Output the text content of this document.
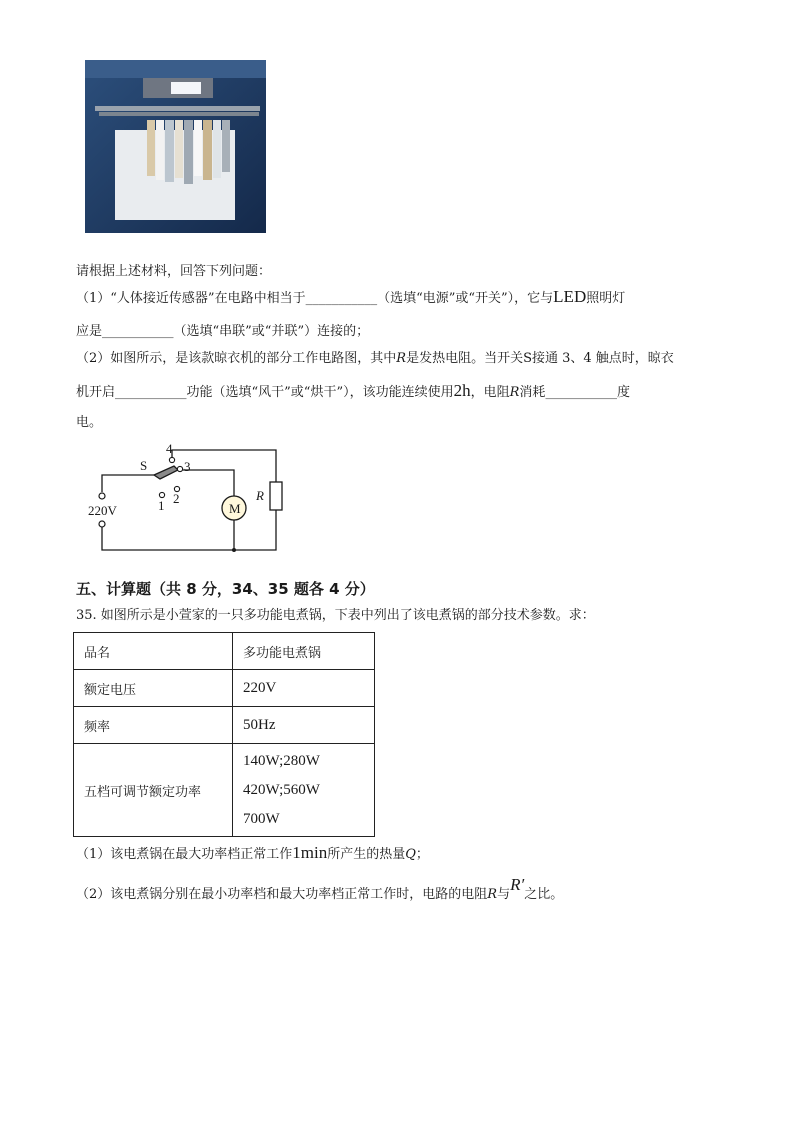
请根据上述材料，回答下列问题：
（1）“人体接近传感器”在电路中相当于___________（选填“电源”或“开关”），它与LED照明灯
应是___________（选填“串联”或“并联”）连接的；
（2）如图所示，是该款晾衣机的部分工作电路图，其中R是发热电阻。当开关S接通 3、4 触点时，晾衣
机开启___________功能（选填“风干”或“烘干”），该功能连续使用2h，电阻R消耗___________度
电。
4
3
S
2
1
220V	M
R
五、计算题（共 8 分，34、35 题各 4 分）
35. 如图所示是小萱家的一只多功能电煮锅，下表中列出了该电煮锅的部分技术参数。求：
品名	多功能电煮锅
额定电压	220V
频率	50Hz
五档可调节额定功率	140W;280W
420W;560W
700W
（1）该电煮锅在最大功率档正常工作1min所产生的热量Q；
（2）该电煮锅分别在最小功率档和最大功率档正常工作时，电路的电阻R与R′之比。
